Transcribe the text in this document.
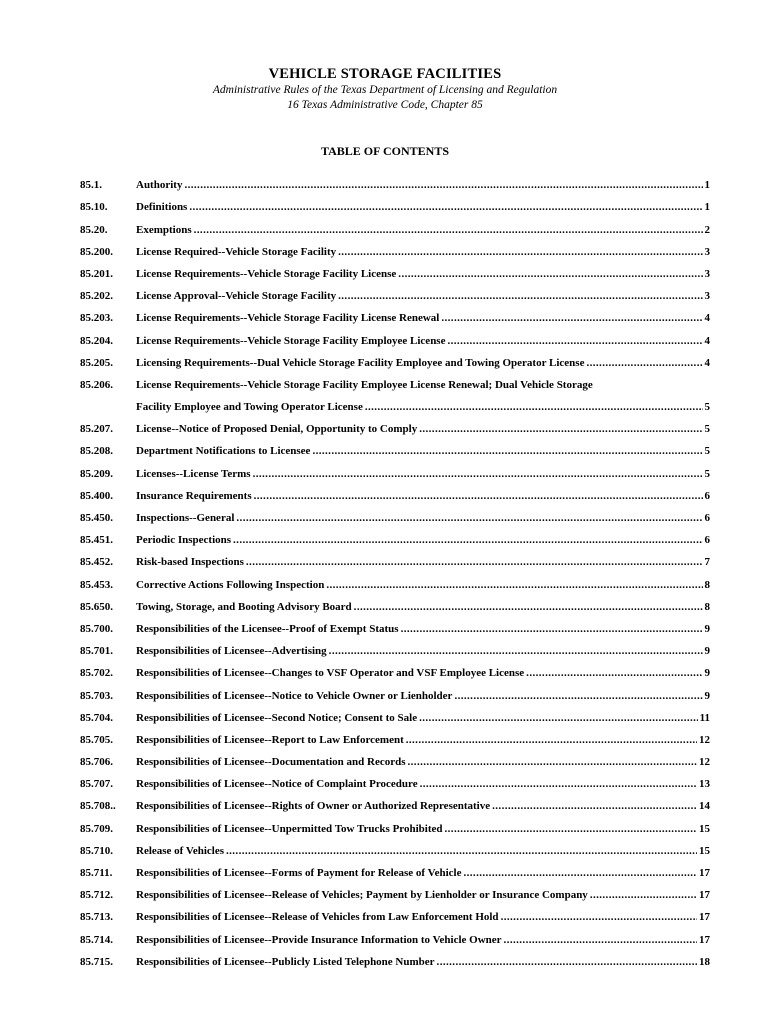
VEHICLE STORAGE FACILITIES
Administrative Rules of the Texas Department of Licensing and Regulation
16 Texas Administrative Code, Chapter 85
TABLE OF CONTENTS
85.1.	Authority .....	1
85.10.	Definitions .....	1
85.20.	Exemptions .....	2
85.200.	License Required--Vehicle Storage Facility .....	3
85.201.	License Requirements--Vehicle Storage Facility License .....	3
85.202.	License Approval--Vehicle Storage Facility .....	3
85.203.	License Requirements--Vehicle Storage Facility License Renewal .....	4
85.204.	License Requirements--Vehicle Storage Facility Employee License .....	4
85.205.	Licensing Requirements--Dual Vehicle Storage Facility Employee and Towing Operator License .....	4
85.206.	License Requirements--Vehicle Storage Facility Employee License Renewal; Dual Vehicle Storage
Facility Employee and Towing Operator License .....	5
85.207.	License--Notice of Proposed Denial, Opportunity to Comply .....	5
85.208.	Department Notifications to Licensee .....	5
85.209.	Licenses--License Terms .....	5
85.400.	Insurance Requirements .....	6
85.450.	Inspections--General .....	6
85.451.	Periodic Inspections .....	6
85.452.	Risk-based Inspections .....	7
85.453.	Corrective Actions Following Inspection .....	8
85.650.	Towing, Storage, and Booting Advisory Board .....	8
85.700.	Responsibilities of the Licensee--Proof of Exempt Status .....	9
85.701.	Responsibilities of Licensee--Advertising .....	9
85.702.	Responsibilities of Licensee--Changes to VSF Operator and VSF Employee License .....	9
85.703.	Responsibilities of Licensee--Notice to Vehicle Owner or Lienholder .....	9
85.704.	Responsibilities of Licensee--Second Notice; Consent to Sale .....	11
85.705.	Responsibilities of Licensee--Report to Law Enforcement .....	12
85.706.	Responsibilities of Licensee--Documentation and Records .....	12
85.707.	Responsibilities of Licensee--Notice of Complaint Procedure .....	13
85.708..	Responsibilities of Licensee--Rights of Owner or Authorized Representative .....	14
85.709.	Responsibilities of Licensee--Unpermitted Tow Trucks Prohibited .....	15
85.710.	Release of Vehicles .....	15
85.711.	Responsibilities of Licensee--Forms of Payment for Release of Vehicle .....	17
85.712.	Responsibilities of Licensee--Release of Vehicles; Payment by Lienholder or Insurance Company .....	17
85.713.	Responsibilities of Licensee--Release of Vehicles from Law Enforcement Hold .....	17
85.714.	Responsibilities of Licensee--Provide Insurance Information to Vehicle Owner .....	17
85.715.	Responsibilities of Licensee--Publicly Listed Telephone Number .....	18
